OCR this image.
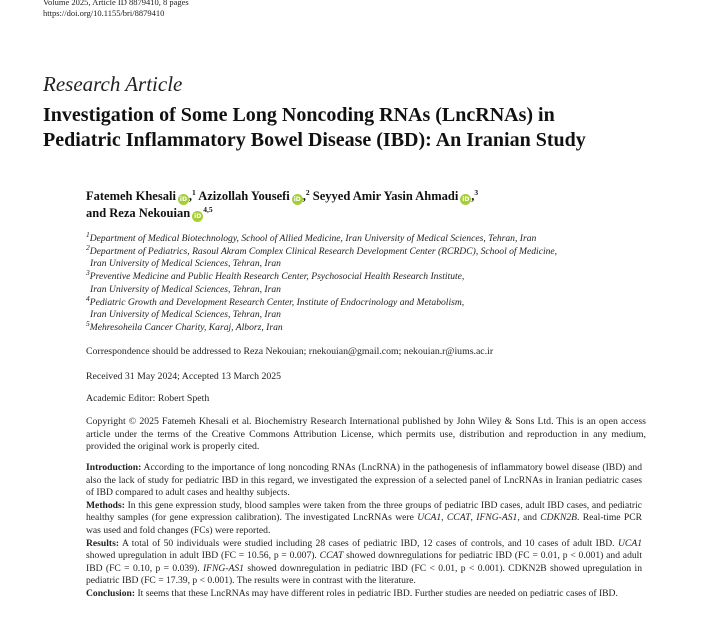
Volume 2025, Article ID 8879410, 8 pages
https://doi.org/10.1155/bri/8879410
Research Article
Investigation of Some Long Noncoding RNAs (LncRNAs) in
Pediatric Inflammatory Bowel Disease (IBD): An Iranian Study
Fatemeh Khesali iD ,$^1$ Azizollah Yousefi iD ,$^2$ Seyyed Amir Yasin Ahmadi iD ,$^3$
and Reza Nekouian iD$^{4,5}$
$^1$Department of Medical Biotechnology, School of Allied Medicine, Iran University of Medical Sciences, Tehran, Iran
$^2$Department of Pediatrics, Rasoul Akram Complex Clinical Research Development Center (RCRDC), School of Medicine,
Iran University of Medical Sciences, Tehran, Iran
$^3$Preventive Medicine and Public Health Research Center, Psychosocial Health Research Institute,
Iran University of Medical Sciences, Tehran, Iran
$^4$Pediatric Growth and Development Research Center, Institute of Endocrinology and Metabolism,
Iran University of Medical Sciences, Tehran, Iran
$^5$Mehresoheila Cancer Charity, Karaj, Alborz, Iran
Correspondence should be addressed to Reza Nekouian; rnekouian@gmail.com; nekouian.r@iums.ac.ir
Received 31 May 2024; Accepted 13 March 2025
Academic Editor: Robert Speth
Copyright © 2025 Fatemeh Khesali et al. Biochemistry Research International published by John Wiley & Sons Ltd. This is an open access article under the terms of the Creative Commons Attribution License, which permits use, distribution and reproduction in any medium, provided the original work is properly cited.

Introduction: According to the importance of long noncoding RNAs (LncRNA) in the pathogenesis of inflammatory bowel disease (IBD) and also the lack of study for pediatric IBD in this regard, we investigated the expression of a selected panel of LncRNAs in Iranian pediatric cases of IBD compared to adult cases and healthy subjects.

Methods: In this gene expression study, blood samples were taken from the three groups of pediatric IBD cases, adult IBD cases, and pediatric healthy samples (for gene expression calibration). The investigated LncRNAs were UCA1, CCAT, IFNG-AS1, and CDKN2B. Real-time PCR was used and fold changes (FCs) were reported.

Results: A total of 50 individuals were studied including 28 cases of pediatric IBD, 12 cases of controls, and 10 cases of adult IBD. UCA1 showed upregulation in adult IBD (FC = 10.56, p = 0.007). CCAT showed downregulations for pediatric IBD (FC = 0.01, p < 0.001) and adult IBD (FC = 0.10, p = 0.039). IFNG-AS1 showed downregulation in pediatric IBD (FC < 0.01, p < 0.001). CDKN2B showed upregulation in pediatric IBD (FC = 17.39, p < 0.001). The results were in contrast with the literature.

Conclusion: It seems that these LncRNAs may have different roles in pediatric IBD. Further studies are needed on pediatric cases of IBD.
